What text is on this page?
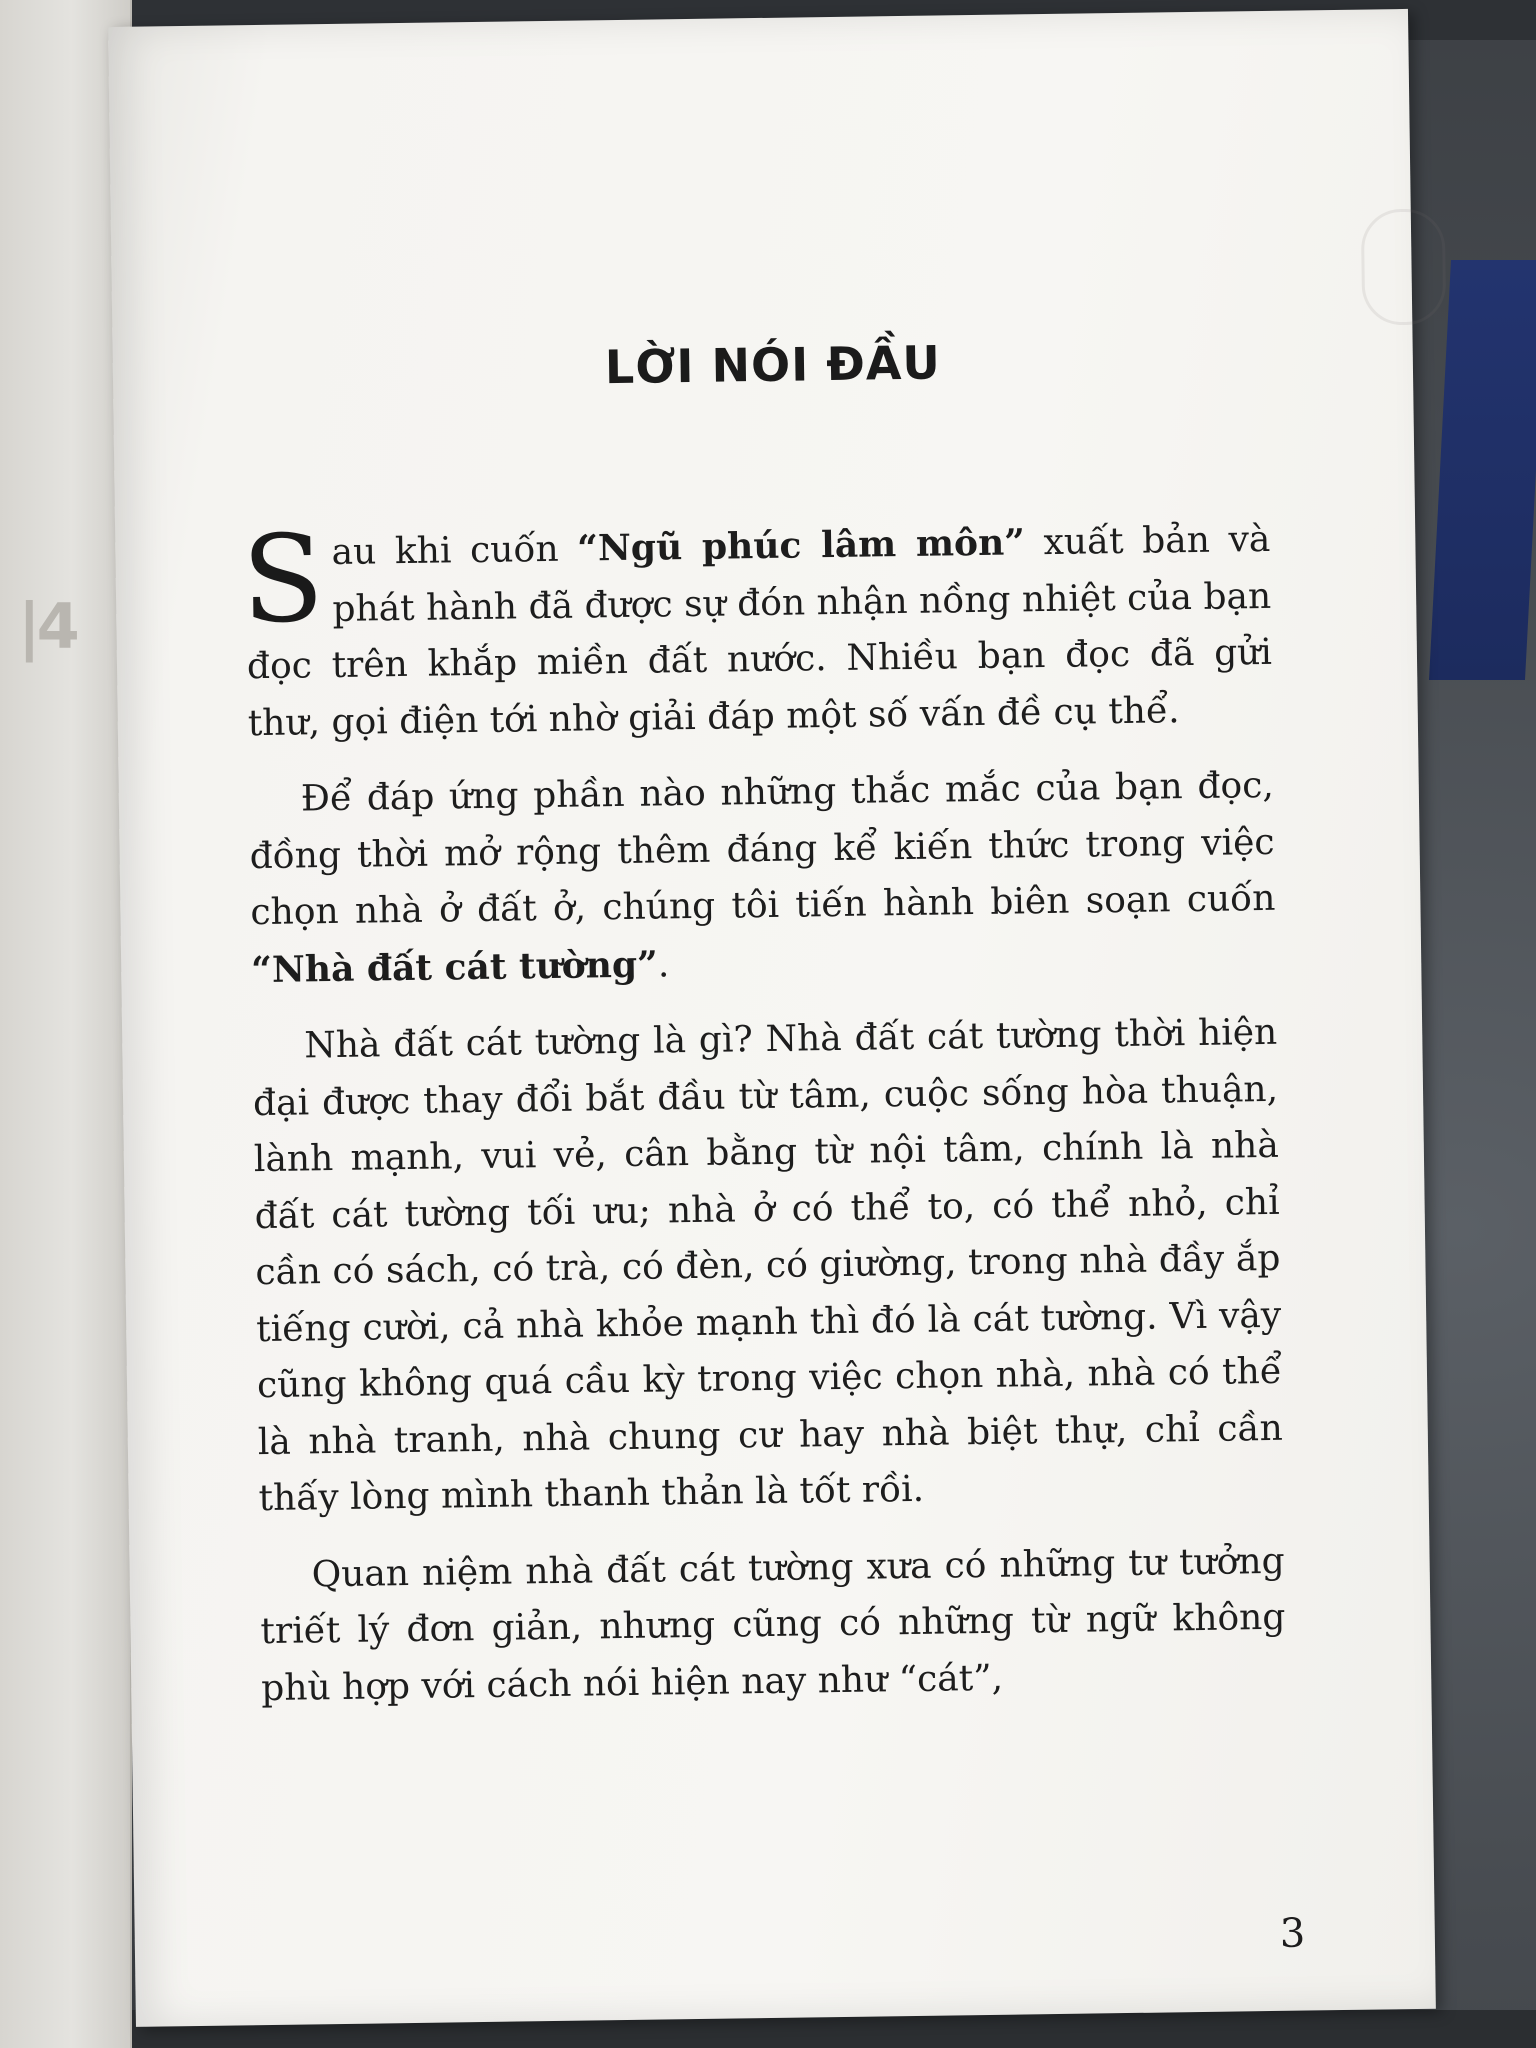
|4
LỜI NÓI ĐẦU

Sau khi cuốn “Ngũ phúc lâm môn” xuất bản và phát hành đã được sự đón nhận nồng nhiệt của bạn đọc trên khắp miền đất nước. Nhiều bạn đọc đã gửi thư, gọi điện tới nhờ giải đáp một số vấn đề cụ thể.

Để đáp ứng phần nào những thắc mắc của bạn đọc, đồng thời mở rộng thêm đáng kể kiến thức trong việc chọn nhà ở đất ở, chúng tôi tiến hành biên soạn cuốn “Nhà đất cát tường”.

Nhà đất cát tường là gì? Nhà đất cát tường thời hiện đại được thay đổi bắt đầu từ tâm, cuộc sống hòa thuận, lành mạnh, vui vẻ, cân bằng từ nội tâm, chính là nhà đất cát tường tối ưu; nhà ở có thể to, có thể nhỏ, chỉ cần có sách, có trà, có đèn, có giường, trong nhà đầy ắp tiếng cười, cả nhà khỏe mạnh thì đó là cát tường. Vì vậy cũng không quá cầu kỳ trong việc chọn nhà, nhà có thể là nhà tranh, nhà chung cư hay nhà biệt thự, chỉ cần thấy lòng mình thanh thản là tốt rồi.

Quan niệm nhà đất cát tường xưa có những tư tưởng triết lý đơn giản, nhưng cũng có những từ ngữ không phù hợp với cách nói hiện nay như “cát”,

3
